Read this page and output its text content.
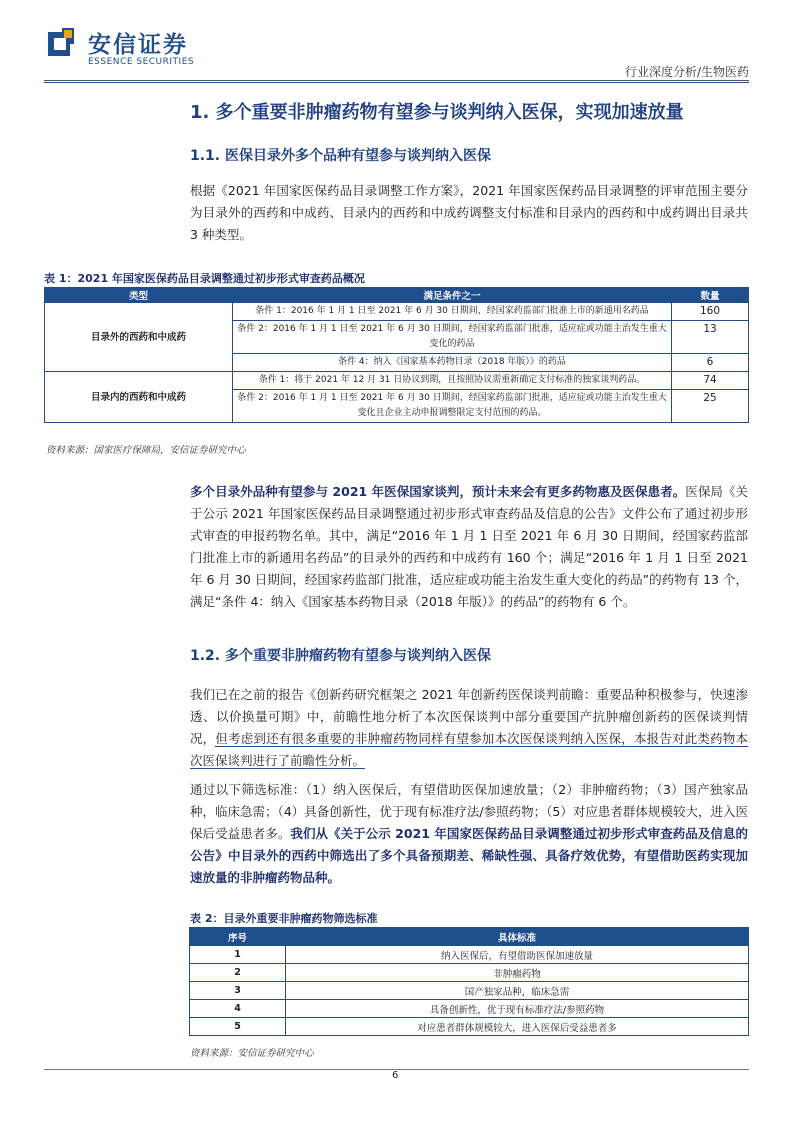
安信证券
ESSENCE SECURITIES
行业深度分析/生物医药
1. 多个重要非肿瘤药物有望参与谈判纳入医保，实现加速放量
1.1. 医保目录外多个品种有望参与谈判纳入医保
根据《2021 年国家医保药品目录调整工作方案》，2021 年国家医保药品目录调整的评审范围主要分为目录外的西药和中成药、目录内的西药和中成药调整支付标准和目录内的西药和中成药调出目录共 3 种类型。
表 1：2021 年国家医保药品目录调整通过初步形式审查药品概况
类型	满足条件之一	数量
目录外的西药和中成药	条件 1：2016 年 1 月 1 日至 2021 年 6 月 30 日期间，经国家药监部门批准上市的新通用名药品	160
	条件 2：2016 年 1 月 1 日至 2021 年 6 月 30 日期间，经国家药监部门批准，适应症或功能主治发生重大变化的药品	13
	条件 4：纳入《国家基本药物目录（2018 年版）》的药品	6
目录内的西药和中成药	条件 1：将于 2021 年 12 月 31 日协议到期，且按照协议需重新确定支付标准的独家谈判药品。	74
	条件 2：2016 年 1 月 1 日至 2021 年 6 月 30 日期间，经国家药监部门批准，适应症或功能主治发生重大变化且企业主动申报调整限定支付范围的药品。	25
资料来源：国家医疗保障局，安信证券研究中心
多个目录外品种有望参与 2021 年医保国家谈判，预计未来会有更多药物惠及医保患者。医保局《关于公示 2021 年国家医保药品目录调整通过初步形式审查药品及信息的公告》文件公布了通过初步形式审查的申报药物名单。其中，满足“2016 年 1 月 1 日至 2021 年 6 月 30 日期间，经国家药监部门批准上市的新通用名药品”的目录外的西药和中成药有 160 个；满足“2016 年 1 月 1 日至 2021 年 6 月 30 日期间，经国家药监部门批准，适应症或功能主治发生重大变化的药品”的药物有 13 个，满足“条件 4：纳入《国家基本药物目录（2018 年版）》的药品”的药物有 6 个。
1.2. 多个重要非肿瘤药物有望参与谈判纳入医保
我们已在之前的报告《创新药研究框架之 2021 年创新药医保谈判前瞻：重要品种积极参与，快速渗透、以价换量可期》中，前瞻性地分析了本次医保谈判中部分重要国产抗肿瘤创新药的医保谈判情况，但考虑到还有很多重要的非肿瘤药物同样有望参加本次医保谈判纳入医保，本报告对此类药物本次医保谈判进行了前瞻性分析。
通过以下筛选标准：（1）纳入医保后，有望借助医保加速放量；（2）非肿瘤药物；（3）国产独家品种，临床急需；（4）具备创新性，优于现有标准疗法/参照药物；（5）对应患者群体规模较大，进入医保后受益患者多。我们从《关于公示 2021 年国家医保药品目录调整通过初步形式审查药品及信息的公告》中目录外的西药中筛选出了多个具备预期差、稀缺性强、具备疗效优势，有望借助医药实现加速放量的非肿瘤药物品种。
表 2：目录外重要非肿瘤药物筛选标准
序号	具体标准
1	纳入医保后，有望借助医保加速放量
2	非肿瘤药物
3	国产独家品种，临床急需
4	具备创新性，优于现有标准疗法/参照药物
5	对应患者群体规模较大，进入医保后受益患者多
资料来源：安信证券研究中心
6
